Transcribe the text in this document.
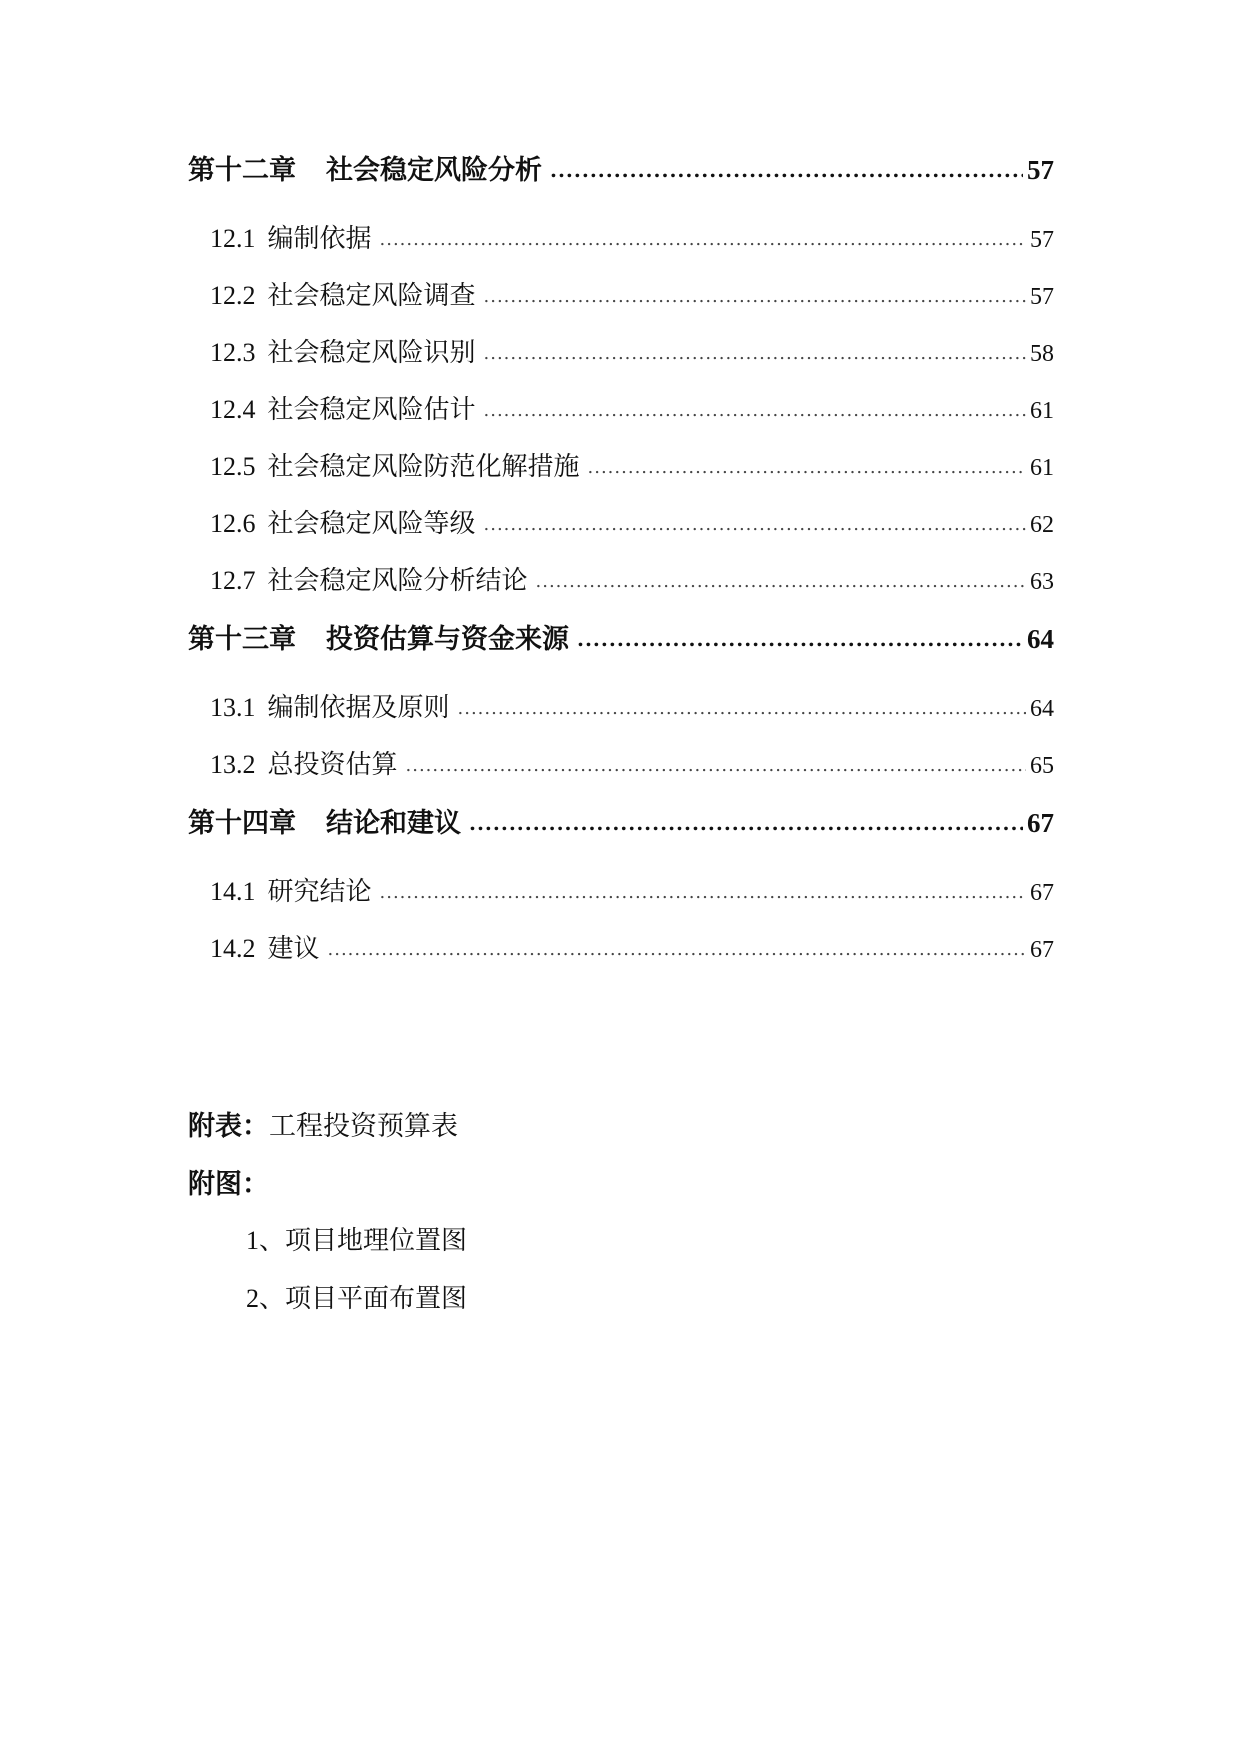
第十二章	社会稳定风险分析 .....	57
12.1 编制依据 .....	57
12.2 社会稳定风险调查 .....	57
12.3 社会稳定风险识别 .....	58
12.4 社会稳定风险估计 .....	61
12.5 社会稳定风险防范化解措施 .....	61
12.6 社会稳定风险等级 .....	62
12.7 社会稳定风险分析结论 .....	63
第十三章	投资估算与资金来源 .....	64
13.1 编制依据及原则 .....	64
13.2 总投资估算 .....	65
第十四章	结论和建议 .....	67
14.1 研究结论 .....	67
14.2 建议 .....	67
附表：工程投资预算表
附图：
1、项目地理位置图
2、项目平面布置图
